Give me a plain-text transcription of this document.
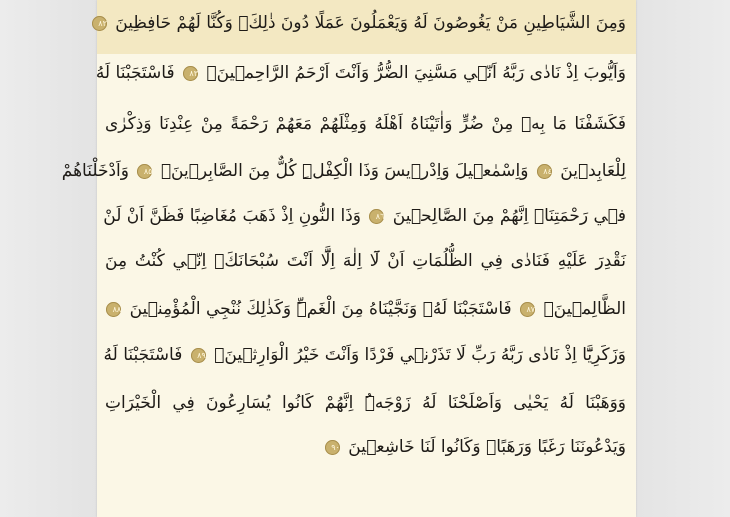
وَمِنَ الشَّيَاطِينِ مَنْ يَغُوصُونَ لَهُ وَيَعْمَلُونَ عَمَلًا دُونَ ذٰلِكَۚ وَكُنَّا لَهُمْ حَافِظِينَ ٨٢
وَاَيُّوبَ اِذْ نَادٰى رَبَّهُ اَنّ۪ي مَسَّنِيَ الضُّرُّ وَاَنْتَ اَرْحَمُ الرَّاحِم۪ينَۚ ٨٣ فَاسْتَجَبْنَا لَهُ
فَكَشَفْنَا مَا بِه۪ مِنْ ضُرٍّ وَاٰتَيْنَاهُ اَهْلَهُ وَمِثْلَهُمْ مَعَهُمْ رَحْمَةً مِنْ عِنْدِنَا وَذِكْرٰى
لِلْعَابِد۪ينَ ٨٤ وَاِسْمٰع۪يلَ وَاِدْر۪يسَ وَذَا الْكِفْلِۜ كُلٌّ مِنَ الصَّابِر۪ينَۚ ٨٥ وَاَدْخَلْنَاهُمْ
ف۪ي رَحْمَتِنَاۜ اِنَّهُمْ مِنَ الصَّالِح۪ينَ ٨٦ وَذَا النُّونِ اِذْ ذَهَبَ مُغَاضِبًا فَظَنَّ اَنْ لَنْ
نَقْدِرَ عَلَيْهِ فَنَادٰى فِي الظُّلُمَاتِ اَنْ لَٓا اِلٰهَ اِلَّٓا اَنْتَ سُبْحَانَكَۗ اِنّ۪ي كُنْتُ مِنَ
الظَّالِم۪ينَۚ ٨٧ فَاسْتَجَبْنَا لَهُۙ وَنَجَّيْنَاهُ مِنَ الْغَمِّۜ وَكَذٰلِكَ نُنْجِي الْمُؤْمِن۪ينَ ٨٨
وَزَكَرِيَّٓا اِذْ نَادٰى رَبَّهُ رَبِّ لَا تَذَرْن۪ي فَرْدًا وَاَنْتَ خَيْرُ الْوَارِث۪ينَۚ ٨٩ فَاسْتَجَبْنَا لَهُ
وَوَهَبْنَا لَهُ يَحْيٰى وَاَصْلَحْنَا لَهُ زَوْجَهُۜ اِنَّهُمْ كَانُوا يُسَارِعُونَ فِي الْخَيْرَاتِ
وَيَدْعُونَنَا رَغَبًا وَرَهَبًاۜ وَكَانُوا لَنَا خَاشِع۪ينَ ٩٠
